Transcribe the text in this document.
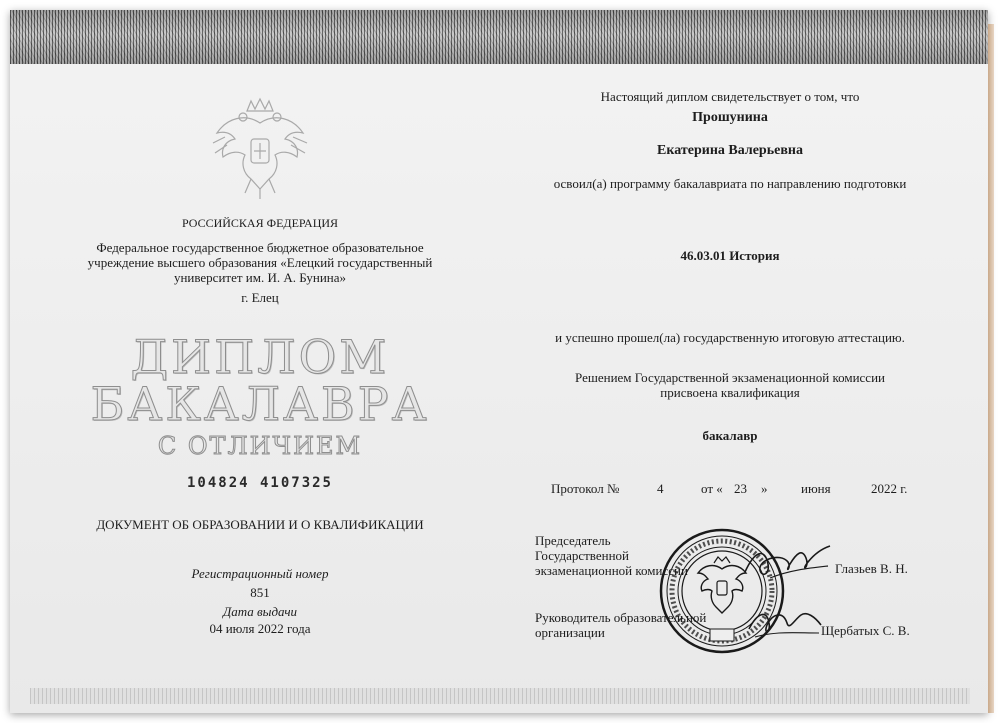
РОССИЙСКАЯ ФЕДЕРАЦИЯ
Федеральное государственное бюджетное образовательное
учреждение высшего образования «Елецкий государственный
университет им. И. А. Бунина»
г. Елец
ДИПЛОМ
БАКАЛАВРА
С ОТЛИЧИЕМ
104824 4107325
ДОКУМЕНТ ОБ ОБРАЗОВАНИИ И О КВАЛИФИКАЦИИ
Регистрационный номер
851
Дата выдачи
04 июля 2022 года
Настоящий диплом свидетельствует о том, что
Прошунина
Екатерина Валерьевна
освоил(а) программу бакалавриата по направлению подготовки
46.03.01 История
и успешно прошел(ла) государственную итоговую аттестацию.
Решением Государственной экзаменационной комиссии
присвоена квалификация
бакалавр
Протокол №	4	от « 23 »	июня	2022 г.
Председатель
Государственной
экзаменационной комиссии	Глазьев В. Н.
Руководитель образовательной
организации	Щербатых С. В.
